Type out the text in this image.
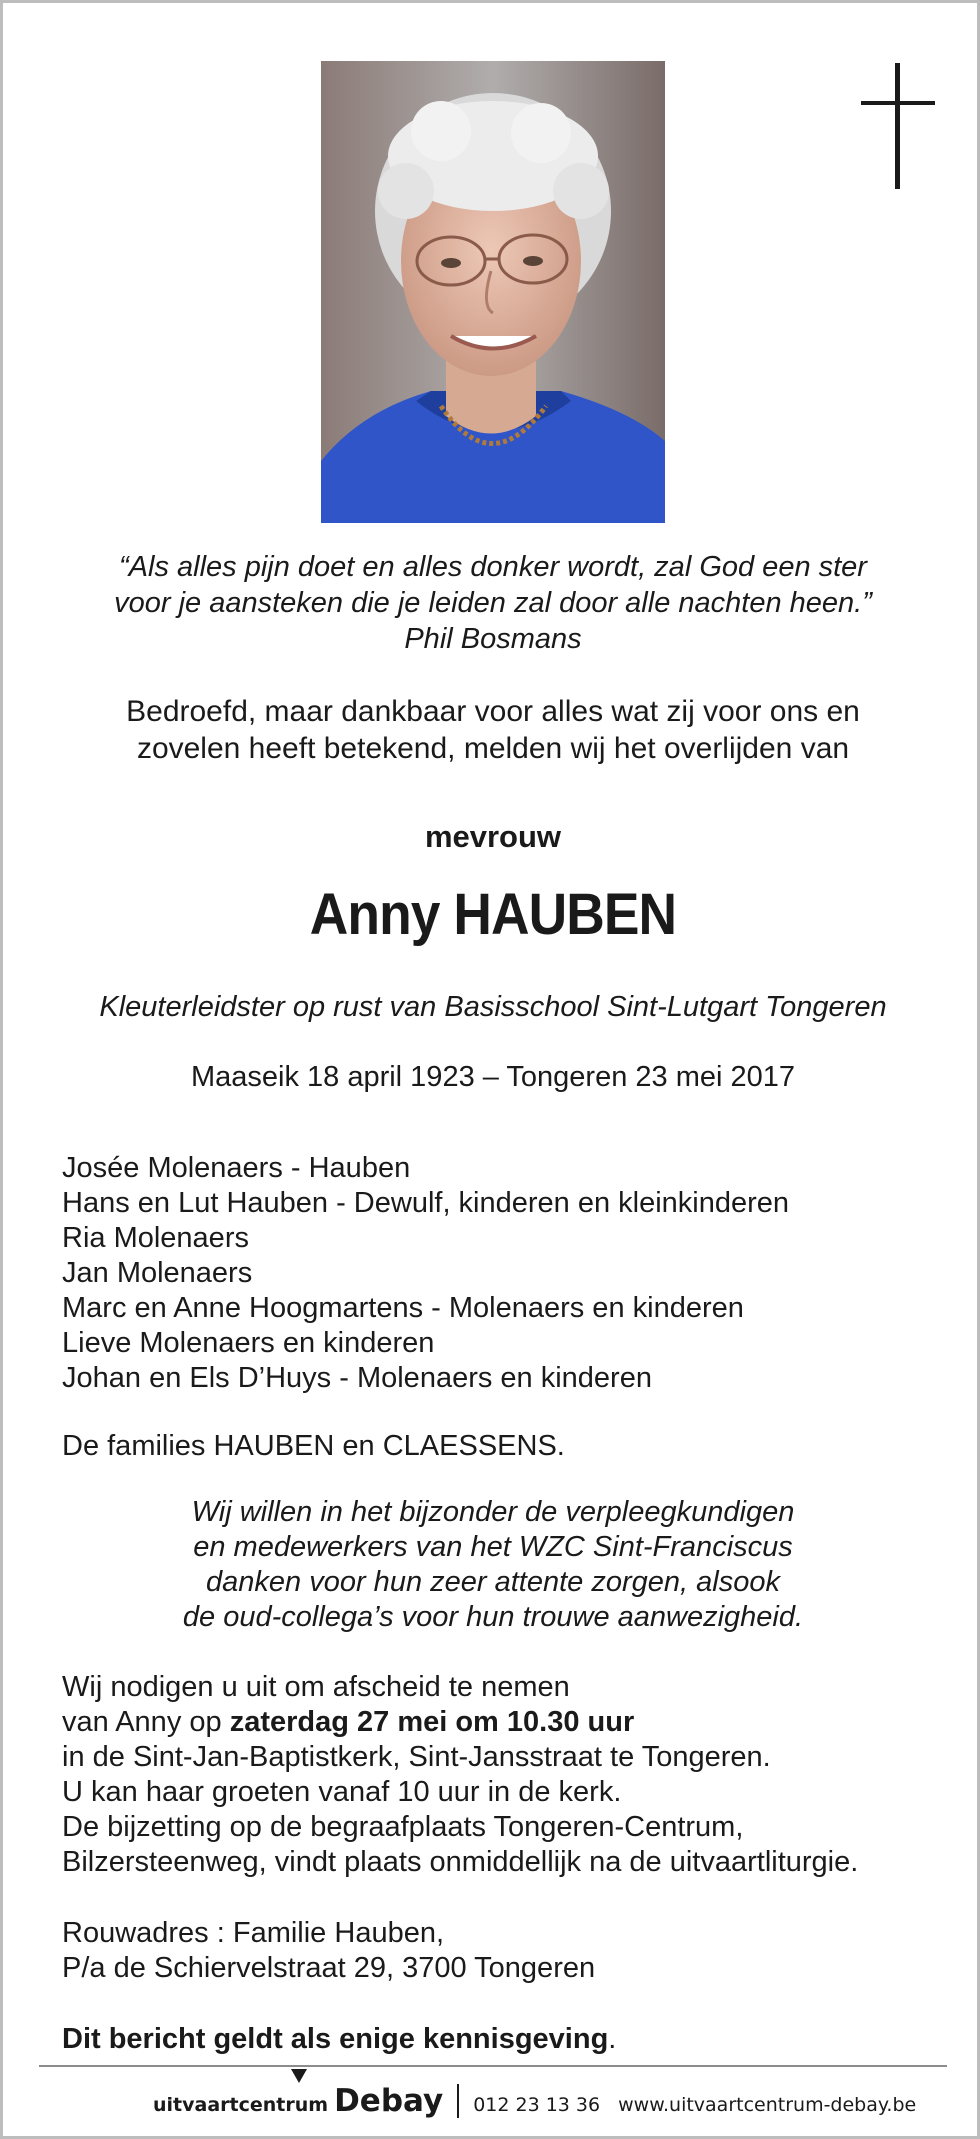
“Als alles pijn doet en alles donker wordt, zal God een ster
voor je aansteken die je leiden zal door alle nachten heen.”
Phil Bosmans
Bedroefd, maar dankbaar voor alles wat zij voor ons en
zovelen heeft betekend, melden wij het overlijden van
mevrouw
Anny HAUBEN
Kleuterleidster op rust van Basisschool Sint-Lutgart Tongeren
Maaseik 18 april 1923 – Tongeren 23 mei 2017
Josée Molenaers - Hauben
Hans en Lut Hauben - Dewulf, kinderen en kleinkinderen
Ria Molenaers
Jan Molenaers
Marc en Anne Hoogmartens - Molenaers en kinderen
Lieve Molenaers en kinderen
Johan en Els D’Huys - Molenaers en kinderen
De families HAUBEN en CLAESSENS.
Wij willen in het bijzonder de verpleegkundigen
en medewerkers van het WZC Sint-Franciscus
danken voor hun zeer attente zorgen, alsook
de oud-collega’s voor hun trouwe aanwezigheid.
Wij nodigen u uit om afscheid te nemen
van Anny op zaterdag 27 mei om 10.30 uur
in de Sint-Jan-Baptistkerk, Sint-Jansstraat te Tongeren.
U kan haar groeten vanaf 10 uur in de kerk.
De bijzetting op de begraafplaats Tongeren-Centrum,
Bilzersteenweg, vindt plaats onmiddellijk na de uitvaartliturgie.
Rouwadres : Familie Hauben,
P/a de Schiervelstraat 29, 3700 Tongeren
Dit bericht geldt als enige kennisgeving.
uitvaartcentrum Debay 012 23 13 36 www.uitvaartcentrum-debay.be
